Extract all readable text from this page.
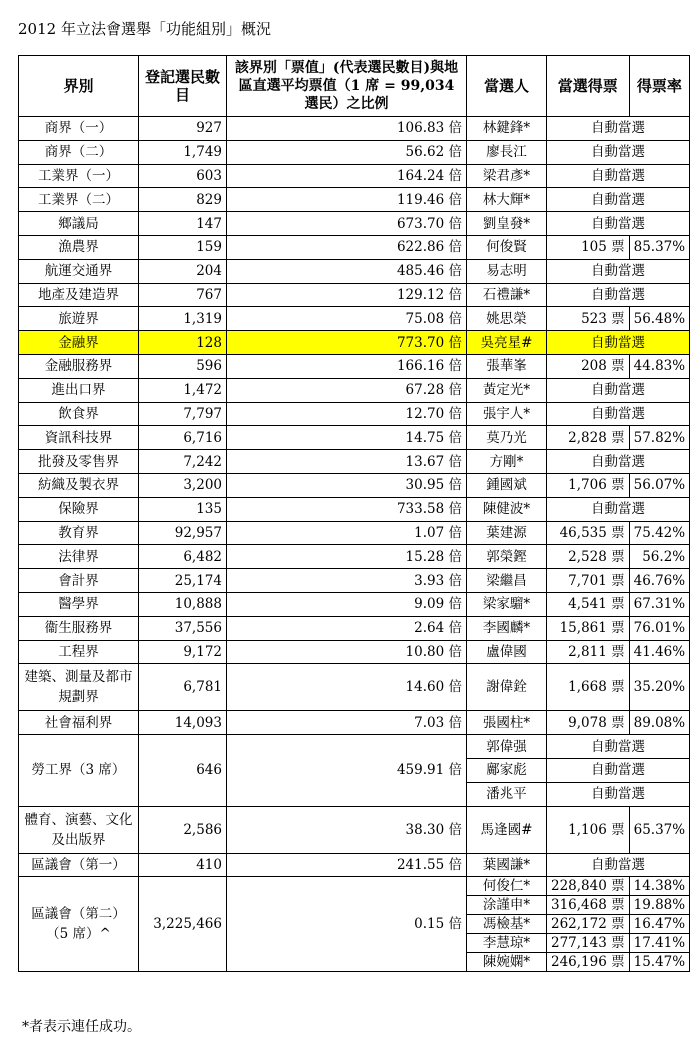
2012 年立法會選舉「功能組別」概況
界別	登記選民數目	該界別「票值」(代表選民數目)與地區直選平均票值（1 席 = 99,034 選民）之比例	當選人	當選得票	得票率
商界（一）	927	106.83 倍	林鍵鋒*	自動當選	
商界（二）	1,749	56.62 倍	廖長江	自動當選	
工業界（一）	603	164.24 倍	梁君彥*	自動當選	
工業界（二）	829	119.46 倍	林大輝*	自動當選	
鄉議局	147	673.70 倍	劉皇發*	自動當選	
漁農界	159	622.86 倍	何俊賢	105 票	85.37%
航運交通界	204	485.46 倍	易志明	自動當選	
地產及建造界	767	129.12 倍	石禮謙*	自動當選	
旅遊界	1,319	75.08 倍	姚思榮	523 票	56.48%
金融界	128	773.70 倍	吳亮星#	自動當選	
金融服務界	596	166.16 倍	張華峯	208 票	44.83%
進出口界	1,472	67.28 倍	黃定光*	自動當選	
飲食界	7,797	12.70 倍	張宇人*	自動當選	
資訊科技界	6,716	14.75 倍	莫乃光	2,828 票	57.82%
批發及零售界	7,242	13.67 倍	方剛*	自動當選	
紡織及製衣界	3,200	30.95 倍	鍾國斌	1,706 票	56.07%
保險界	135	733.58 倍	陳健波*	自動當選	
教育界	92,957	1.07 倍	葉建源	46,535 票	75.42%
法律界	6,482	15.28 倍	郭榮鏗	2,528 票	56.2%
會計界	25,174	3.93 倍	梁繼昌	7,701 票	46.76%
醫學界	10,888	9.09 倍	梁家騮*	4,541 票	67.31%
衞生服務界	37,556	2.64 倍	李國麟*	15,861 票	76.01%
工程界	9,172	10.80 倍	盧偉國	2,811 票	41.46%
建築、測量及都市規劃界	6,781	14.60 倍	謝偉銓	1,668 票	35.20%
社會福利界	14,093	7.03 倍	張國柱*	9,078 票	89.08%
勞工界（3 席）	646	459.91 倍	郭偉强	自動當選	
			鄺家彪	自動當選	
			潘兆平	自動當選	
體育、演藝、文化及出版界	2,586	38.30 倍	馬逢國#	1,106 票	65.37%
區議會（第一）	410	241.55 倍	葉國謙*	自動當選	
區議會（第二）（5 席）^	3,225,466	0.15 倍	何俊仁*	228,840 票	14.38%
			涂謹申*	316,468 票	19.88%
			馮檢基*	262,172 票	16.47%
			李慧琼*	277,143 票	17.41%
			陳婉嫻*	246,196 票	15.47%
*者表示連任成功。
